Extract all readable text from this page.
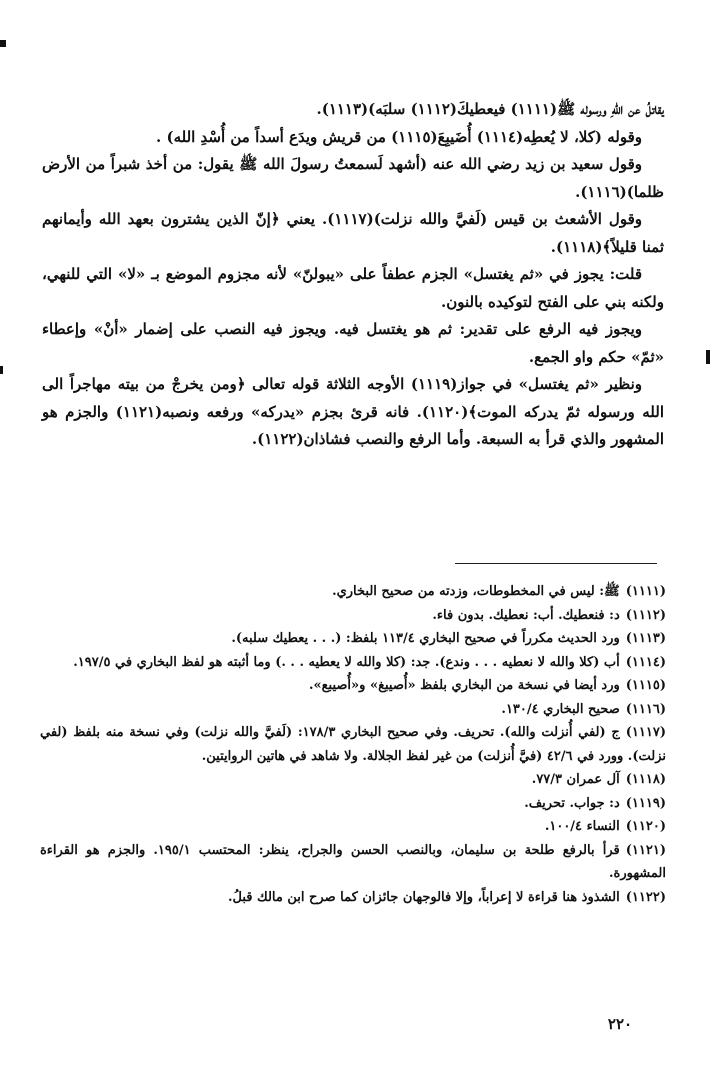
يقاتلُ عن اللهِ ورسوله ﷺ(١١١١) فيعطيكَ(١١١٢) سلبَه)(١١١٣).

وقوله (كلا، لا يُعطِه(١١١٤) أُضَيبِعَ(١١١٥) من قريش ويدَع أسداً من أُسْدِ الله) .

وقول سعيد بن زيد رضي الله عنه (أشهد لَسمعتُ رسولَ الله ﷺ يقول: من أخذ شبراً من الأرض ظلما)(١١١٦).

وقول الأشعث بن قيس (لَفيَّ والله نزلت)(١١١٧). يعني ﴿إنّ الذين يشترون بعهد الله وأيمانهم ثمنا قليلاً﴾(١١١٨).

قلت: يجوز في «ثم يغتسل» الجزم عطفاً على «يبولنّ» لأنه مجزوم الموضع بـ «لا» التي للنهي، ولكنه بني على الفتح لتوكيده بالنون.

ويجوز فيه الرفع على تقدير: ثم هو يغتسل فيه. ويجوز فيه النصب على إضمار «أنْ» وإعطاء «ثمّ» حكم واو الجمع.

ونظير «ثم يغتسل» في جواز(١١١٩) الأوجه الثلاثة قوله تعالى ﴿ومن يخرجْ من بيته مهاجراً الى الله ورسوله ثمّ يدركه الموت﴾(١١٢٠). فانه قرئ بجزم «يدركه» ورفعه ونصبه(١١٢١) والجزم هو المشهور والذي قرأ به السبعة. وأما الرفع والنصب فشاذان(١١٢٢).

(١١١١)ﷺ: ليس في المخطوطات، وزدته من صحيح البخاري.

(١١١٢)د: فنعطيك. أب: نعطيك. بدون فاء.

(١١١٣)ورد الحديث مكرراً في صحيح البخاري ١١٣/٤ بلفظ: (. . . يعطيك سلبه).

(١١١٤)أب (كلا والله لا نعطيه . . . وندع). جد: (كلا والله لا يعطيه . . .) وما أثبته هو لفظ البخاري في ١٩٧/٥.

(١١١٥)ورد أيضا في نسخة من البخاري بلفظ «أُصيبغ» و«أُصيبع».

(١١١٦)صحيح البخاري ١٣٠/٤.

(١١١٧)ج (لفي أُنزلت والله). تحريف. وفي صحيح البخاري ١٧٨/٣: (لَفيَّ والله نزلت) وفي نسخة منه بلفظ (لفي نزلت). وورد في ٤٢/٦ (فيَّ أُنزلت) من غير لفظ الجلالة. ولا شاهد في هاتين الروايتين.

(١١١٨)آل عمران ٧٧/٣.

(١١١٩)د: جواب. تحريف.

(١١٢٠)النساء ١٠٠/٤.

(١١٢١)قرأ بالرفع طلحة بن سليمان، وبالنصب الحسن والجراح، ينظر: المحتسب ١٩٥/١. والجزم هو القراءة المشهورة.

(١١٢٢)الشذوذ هنا قراءة لا إعراباً، وإلا فالوجهان جائزان كما صرح ابن مالك قبلُ.

٢٢٠
